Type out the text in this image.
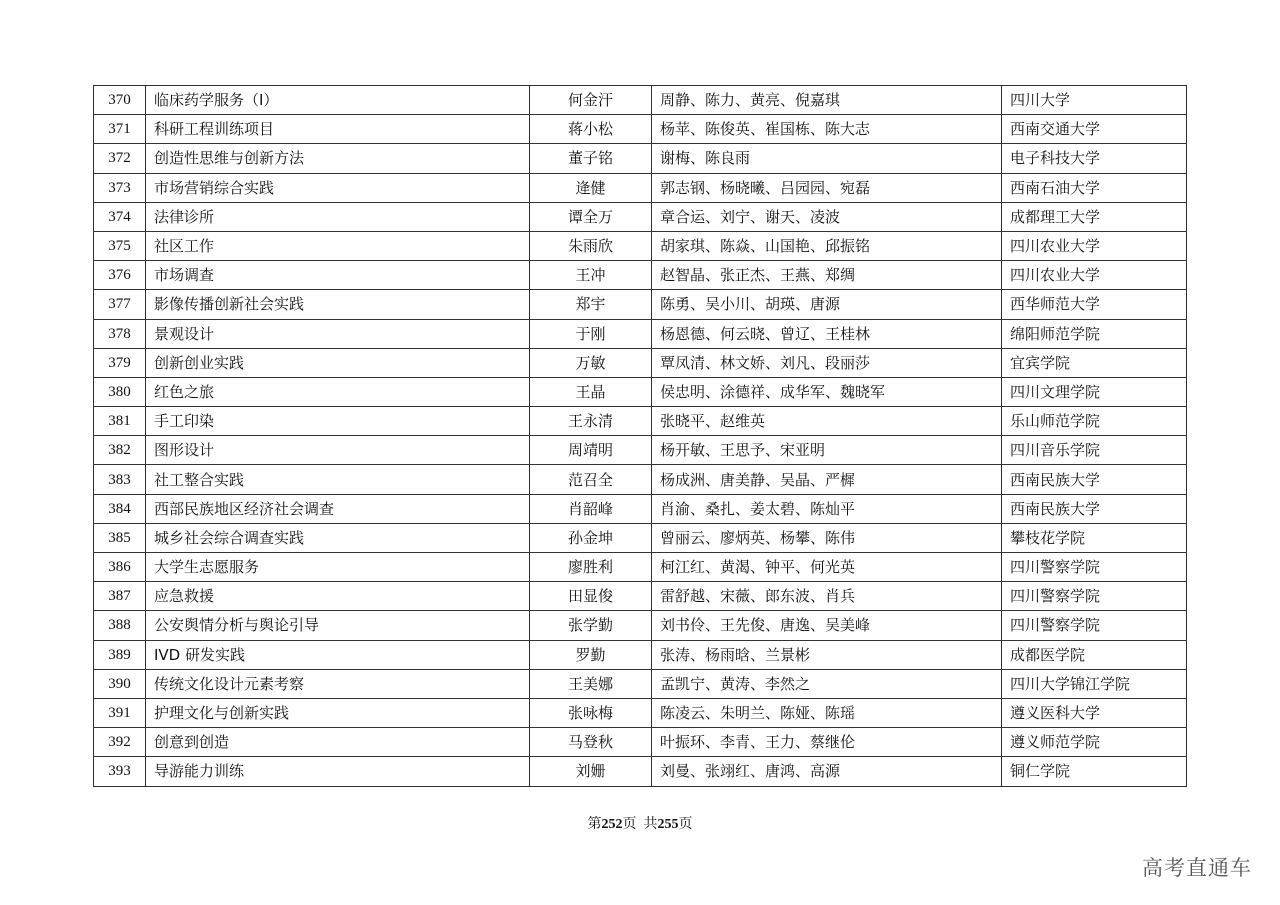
370	临床药学服务（I）	何金汗	周静、陈力、黄亮、倪嘉琪	四川大学
371	科研工程训练项目	蒋小松	杨苹、陈俊英、崔国栋、陈大志	西南交通大学
372	创造性思维与创新方法	董子铭	谢梅、陈良雨	电子科技大学
373	市场营销综合实践	逄健	郭志钢、杨晓曦、吕园园、宛磊	西南石油大学
374	法律诊所	谭全万	章合运、刘宁、谢天、凌波	成都理工大学
375	社区工作	朱雨欣	胡家琪、陈焱、山国艳、邱振铭	四川农业大学
376	市场调查	王冲	赵智晶、张正杰、王燕、郑绸	四川农业大学
377	影像传播创新社会实践	郑宇	陈勇、吴小川、胡瑛、唐源	西华师范大学
378	景观设计	于刚	杨恩德、何云晓、曾辽、王桂林	绵阳师范学院
379	创新创业实践	万敏	覃凤清、林文娇、刘凡、段丽莎	宜宾学院
380	红色之旅	王晶	侯忠明、涂德祥、成华军、魏晓军	四川文理学院
381	手工印染	王永清	张晓平、赵维英	乐山师范学院
382	图形设计	周靖明	杨开敏、王思予、宋亚明	四川音乐学院
383	社工整合实践	范召全	杨成洲、唐美静、吴晶、严樨	西南民族大学
384	西部民族地区经济社会调查	肖韶峰	肖渝、桑扎、姜太碧、陈灿平	西南民族大学
385	城乡社会综合调查实践	孙金坤	曾丽云、廖炳英、杨攀、陈伟	攀枝花学院
386	大学生志愿服务	廖胜利	柯江红、黄渴、钟平、何光英	四川警察学院
387	应急救援	田显俊	雷舒越、宋薇、郎东波、肖兵	四川警察学院
388	公安舆情分析与舆论引导	张学勤	刘书伶、王先俊、唐逸、吴美峰	四川警察学院
389	IVD 研发实践	罗勤	张涛、杨雨晗、兰景彬	成都医学院
390	传统文化设计元素考察	王美娜	孟凯宁、黄涛、李然之	四川大学锦江学院
391	护理文化与创新实践	张咏梅	陈凌云、朱明兰、陈娅、陈瑶	遵义医科大学
392	创意到创造	马登秋	叶振环、李青、王力、蔡继伦	遵义师范学院
393	导游能力训练	刘姗	刘曼、张翊红、唐鸿、高源	铜仁学院
第252页  共255页
高考直通车
